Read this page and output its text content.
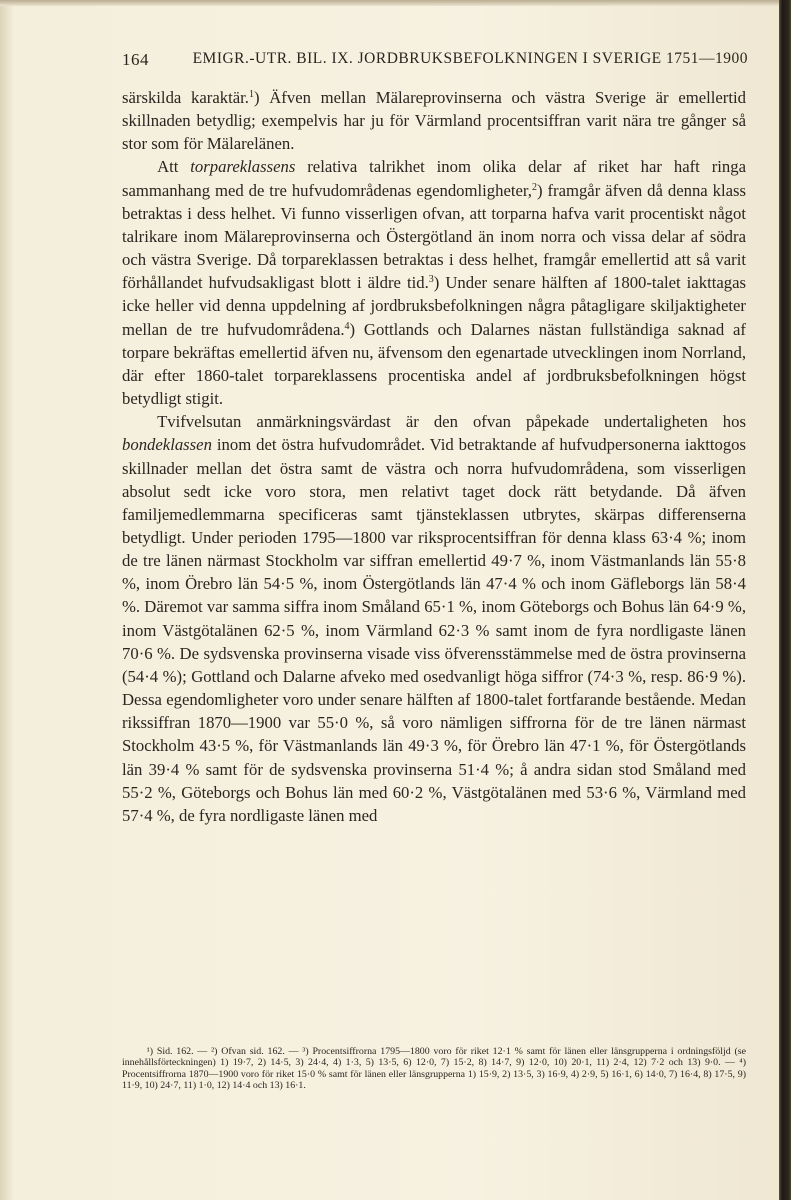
164	EMIGR.-UTR. BIL. IX. JORDBRUKSBEFOLKNINGEN I SVERIGE 1751—1900

särskilda karaktär.$^1$) Äfven mellan Mälareprovinserna och västra Sverige är emellertid skillnaden betydlig; exempelvis har ju för Värmland procentsiffran varit nära tre gånger så stor som för Mälarelänen.

Att torpareklassens relativa talrikhet inom olika delar af riket har haft ringa sammanhang med de tre hufvudområdenas egendomligheter,$^2$) framgår äfven då denna klass betraktas i dess helhet. Vi funno visserligen ofvan, att torparna hafva varit procentiskt något talrikare inom Mälareprovinserna och Östergötland än inom norra och vissa delar af södra och västra Sverige. Då torpareklassen betraktas i dess helhet, framgår emellertid att så varit förhållandet hufvudsakligast blott i äldre tid.$^3$) Under senare hälften af 1800-talet iakttagas icke heller vid denna uppdelning af jordbruksbefolkningen några påtagligare skiljaktigheter mellan de tre hufvudområdena.$^4$) Gottlands och Dalarnes nästan fullständiga saknad af torpare bekräftas emellertid äfven nu, äfvensom den egenartade utvecklingen inom Norrland, där efter 1860-talet torpareklassens procentiska andel af jordbruksbefolkningen högst betydligt stigit.

Tvifvelsutan anmärkningsvärdast är den ofvan påpekade undertaligheten hos bondeklassen inom det östra hufvudområdet. Vid betraktande af hufvudpersonerna iakttogos skillnader mellan det östra samt de västra och norra hufvudområdena, som visserligen absolut sedt icke voro stora, men relativt taget dock rätt betydande. Då äfven familjemedlemmarna specificeras samt tjänsteklassen utbrytes, skärpas differenserna betydligt. Under perioden 1795—1800 var riksprocentsiffran för denna klass 63·4 %; inom de tre länen närmast Stockholm var siffran emellertid 49·7 %, inom Västmanlands län 55·8 %, inom Örebro län 54·5 %, inom Östergötlands län 47·4 % och inom Gäfleborgs län 58·4 %. Däremot var samma siffra inom Småland 65·1 %, inom Göteborgs och Bohus län 64·9 %, inom Västgötalänen 62·5 %, inom Värmland 62·3 % samt inom de fyra nordligaste länen 70·6 %. De sydsvenska provinserna visade viss öfverensstämmelse med de östra provinserna (54·4 %); Gottland och Dalarne afveko med osedvanligt höga siffror (74·3 %, resp. 86·9 %). Dessa egendomligheter voro under senare hälften af 1800-talet fortfarande bestående. Medan rikssiffran 1870—1900 var 55·0 %, så voro nämligen siffrorna för de tre länen närmast Stockholm 43·5 %, för Västmanlands län 49·3 %, för Örebro län 47·1 %, för Östergötlands län 39·4 % samt för de sydsvenska provinserna 51·4 %; å andra sidan stod Småland med 55·2 %, Göteborgs och Bohus län med 60·2 %, Västgötalänen med 53·6 %, Värmland med 57·4 %, de fyra nordligaste länen med

¹) Sid. 162. — ²) Ofvan sid. 162. — ³) Procentsiffrorna 1795—1800 voro för riket 12·1 % samt för länen eller länsgrupperna i ordningsföljd (se innehållsförteckningen) 1) 19·7, 2) 14·5, 3) 24·4, 4) 1·3, 5) 13·5, 6) 12·0, 7) 15·2, 8) 14·7, 9) 12·0, 10) 20·1, 11) 2·4, 12) 7·2 och 13) 9·0. — ⁴) Procentsiffrorna 1870—1900 voro för riket 15·0 % samt för länen eller länsgrupperna 1) 15·9, 2) 13·5, 3) 16·9, 4) 2·9, 5) 16·1, 6) 14·0, 7) 16·4, 8) 17·5, 9) 11·9, 10) 24·7, 11) 1·0, 12) 14·4 och 13) 16·1.
